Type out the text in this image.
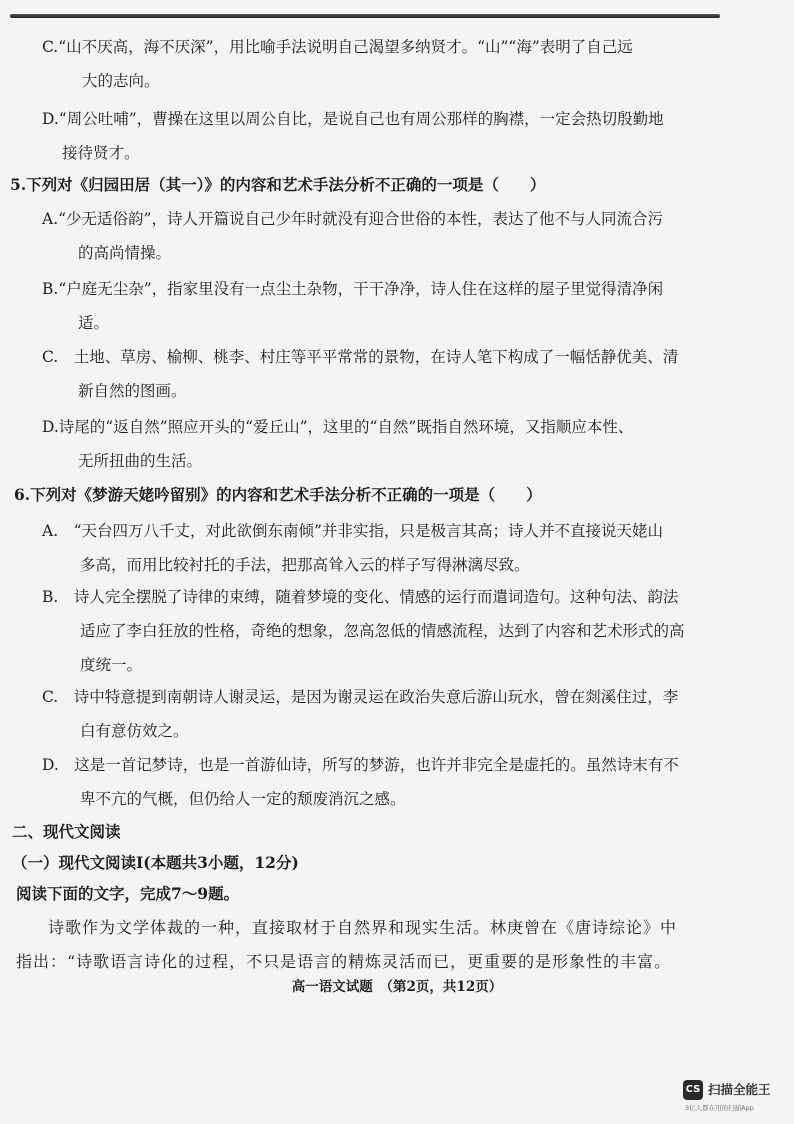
C.“山不厌高，海不厌深”，用比喻手法说明自己渴望多纳贤才。“山”“海”表明了自己远
大的志向。
D.“周公吐哺”，曹操在这里以周公自比，是说自己也有周公那样的胸襟，一定会热切殷勤地
接待贤才。
5.下列对《归园田居（其一）》的内容和艺术手法分析不正确的一项是（　　）
A.“少无适俗韵”，诗人开篇说自己少年时就没有迎合世俗的本性，表达了他不与人同流合污
的高尚情操。
B.“户庭无尘杂”，指家里没有一点尘土杂物，干干净净，诗人住在这样的屋子里觉得清净闲
适。
C.　土地、草房、榆柳、桃李、村庄等平平常常的景物，在诗人笔下构成了一幅恬静优美、清
新自然的图画。
D.诗尾的“返自然”照应开头的“爱丘山”，这里的“自然”既指自然环境，又指顺应本性、
无所扭曲的生活。
6.下列对《梦游天姥吟留别》的内容和艺术手法分析不正确的一项是（　　）
A.　“天台四万八千丈，对此欲倒东南倾”并非实指，只是极言其高；诗人并不直接说天姥山
多高，而用比较衬托的手法，把那高耸入云的样子写得淋漓尽致。
B.　诗人完全摆脱了诗律的束缚，随着梦境的变化、情感的运行而遣词造句。这种句法、韵法
适应了李白狂放的性格，奇绝的想象，忽高忽低的情感流程，达到了内容和艺术形式的高
度统一。
C.　诗中特意提到南朝诗人谢灵运，是因为谢灵运在政治失意后游山玩水，曾在剡溪住过，李
白有意仿效之。
D.　这是一首记梦诗，也是一首游仙诗，所写的梦游，也许并非完全是虚托的。虽然诗末有不
卑不亢的气概，但仍给人一定的颓废消沉之感。
二、现代文阅读
（一）现代文阅读Ⅰ(本题共3小题，12分)
阅读下面的文字，完成7～9题。
诗歌作为文学体裁的一种，直接取材于自然界和现实生活。林庚曾在《唐诗综论》中
指出：“诗歌语言诗化的过程，不只是语言的精炼灵活而已，更重要的是形象性的丰富。
高一语文试题　（第2页，共12页）
CS 扫描全能王
3亿人都在用的扫描App
